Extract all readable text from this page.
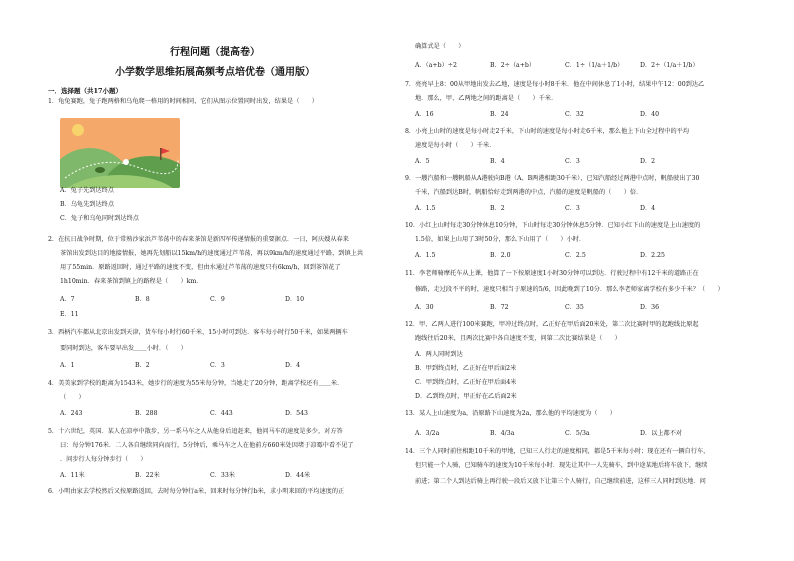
行程问题（提高卷）
小学数学思维拓展高频考点培优卷（通用版）
一．选择题（共17小题）
1．龟兔赛跑，兔子跑两格和乌龟爬一格用的时间相同，它们从图示位置同时出发，结果是（　　）
A．兔子先到达终点
B．乌龟先到达终点
C．兔子和乌龟同时到达终点
2．在抗日战争时期，位于常熟沙家浜芦苇荡中的春来茶馆是新四军传递情报的重要据点．一日，阿庆嫂从春来
茶馆出发到达目的地接情报，她再先划船以15km/h的速度通过芦苇荡，再以9km/h的速度通过平路，到镇上共
用了55min．原路返回时，通过平路的速度不变，但由水通过芦苇荡的速度只有6km/h，回到茶馆花了
1h10min．春来茶馆到镇上的路程是（　　）km．
A．7	B．8	C．9	D．10
E．11
3．西柄汽车都从北京出发到天津，货车每小时行60千米，15小时可到达．客车每小时行50千米，如果两辆车
要同时到达，客车要早出发＿＿小时．（　　）
A．1	B．2	C．3	D．4
4．美美家到学校的距离为1543米，她步行的速度为55米每分钟，当她走了20分钟，距离学校还有＿＿米．
（　　）
A．243	B．288	C．443	D．543
5．十六世纪，英国．某人在凉亭中散步，另一系马车之人从他身后追赶来，他问马车的速度是多少，对方答
曰：每分钟176米．二人各自继续同向而行，5分钟后，乘马车之人在他前方660米处因堵于凉霉中看不见了
．问步行人每分钟步行（　　）
A．11米	B．22米	C．33米	D．44米
6．小明由家去学校然后又按原路返回，去时每分钟行a米，回来时每分钟行b米，求小明来回的平均速度的正
确算式是（　　）
A．（a+b）÷2	B．2÷（a+b）	C．1÷（1/a＋1/b）	D．2÷（1/a＋1/b）
7．亮亮早上8：00从甲地出发去乙地，速度是每小时8千米．他在中间休息了1小时，结果中午12：00到达乙
地．那么，甲、乙两地之间的距离是（　　）千米．
A．16	B．24	C．32	D．40
8．小亮上山时的速度是每小时走2千米，下山时的速度是每小时走6千米，那么他上下山全过程中的平均
速度是每小时（　　）千米．
A．5	B．4	C．3	D．2
9．一艘汽船和一艘帆船从A港驶向B港（A、B两港相距30千米），已知汽船经过两港中点时，帆船驶出了30
千米，汽船到达B时，帆船恰好走到两港的中点，汽船的速度是帆船的（　　）倍．
A．1.5	B．2	C．3	D．4
10．小红上山时每走30分钟休息10分钟，下山时每走30分钟休息5分钟．已知小红下山的速度是上山速度的
1.5倍，如果上山用了3时50分，那么下山用了（　　）小时．
A．1.5	B．2.0	C．2.5	D．2.25
11．李老师骑摩托车从上课，他算了一下按原速度1小时30分钟可以到达．行驶过程中有12千米的道路正在
修路，走过段不平的时，速度只相当于原速的5/6，因此晚到了10分．那么李老师家离学校有多少千米？（　　）
A．30	B．72	C．35	D．36
12．甲、乙两人进行100米赛跑，甲冲过终点时，乙正好在甲后面20米处，第二次比赛时甲的起跑线比原起
跑线往后20米，且两次比赛中各自速度不变，问第二次比赛结果是（　　）
A．两人同时到达
B．甲到终点时，乙正好在甲后面2米
C．甲到终点时，乙正好在甲后面4米
D．乙到终点时，甲正好在乙后面2米
13．某人上山速度为a，沿原路下山速度为2a，那么他的平均速度为（　　）
A．3/2a	B．4/3a	C．5/3a	D．以上都不对
14．三个人同时前往相距10千米的甲地，已知三人行走的速度相同，都是5千米每小时；现在还有一辆自行车，
但只能一个人骑，已知骑车的速度为10千米每小时．现先让其中一人先骑车，到中途某地后将车放下，继续
前进；第二个人到达后骑上再行驶一段后又放下让第三个人骑行，自己继续前进，这样三人同时到达地．问
